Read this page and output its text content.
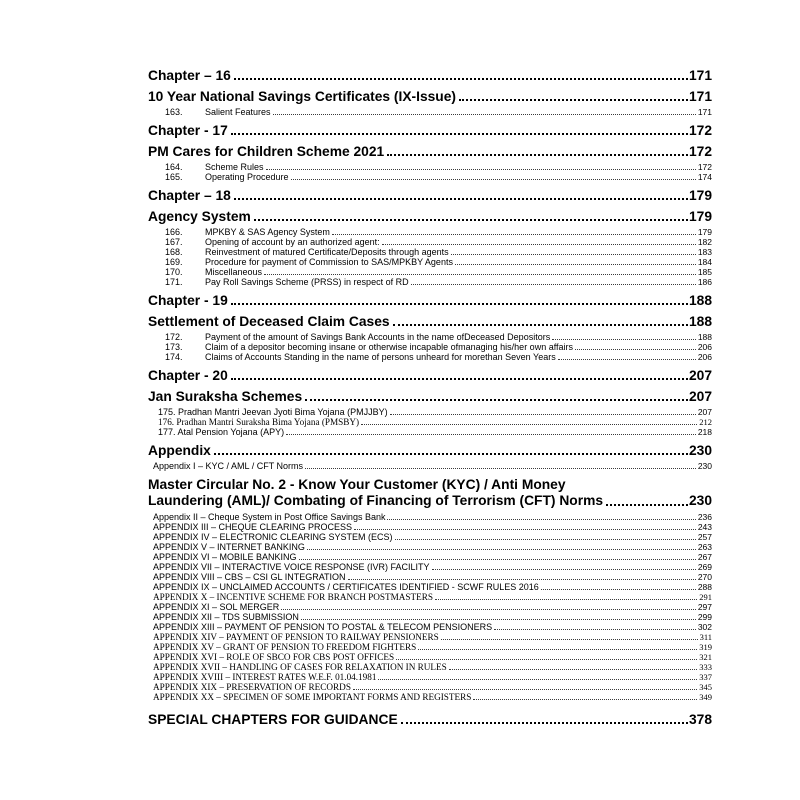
Chapter – 16	171
10 Year National Savings Certificates (IX-Issue)	171
163.	Salient Features	171
Chapter - 17	172
PM Cares for Children Scheme 2021	172
164.	Scheme Rules	172
165.	Operating Procedure	174
Chapter – 18	179
Agency System	179
166.	MPKBY & SAS Agency System	179
167.	Opening of account by an authorized agent:	182
168.	Reinvestment of matured Certificate/Deposits through agents	183
169.	Procedure for payment of Commission to SAS/MPKBY Agents	184
170.	Miscellaneous	185
171.	Pay Roll Savings Scheme (PRSS) in respect of RD	186
Chapter - 19	188
Settlement of Deceased Claim Cases	188
172.	Payment of the amount of Savings Bank Accounts in the name ofDeceased Depositors	188
173.	Claim of a depositor becoming insane or otherwise incapable ofmanaging his/her own affairs	206
174.	Claims of Accounts Standing in the name of persons unheard for morethan Seven Years	206
Chapter - 20	207
Jan Suraksha Schemes	207
175. Pradhan Mantri Jeevan Jyoti Bima Yojana (PMJJBY)	207
176. Pradhan Mantri Suraksha Bima Yojana (PMSBY)	212
177. Atal Pension Yojana (APY)	218
Appendix	230
Appendix I – KYC / AML / CFT Norms	230
Master Circular No. 2 - Know Your Customer (KYC) / Anti Money
Laundering (AML)/ Combating of Financing of Terrorism (CFT) Norms	230
Appendix II – Cheque System in Post Office Savings Bank	236
APPENDIX III – CHEQUE CLEARING PROCESS	243
APPENDIX IV – ELECTRONIC CLEARING SYSTEM (ECS)	257
APPENDIX V – INTERNET BANKING	263
APPENDIX VI – MOBILE BANKING	267
APPENDIX VII – INTERACTIVE VOICE RESPONSE (IVR) FACILITY	269
APPENDIX VIII – CBS – CSI GL INTEGRATION	270
APPENDIX IX – UNCLAIMED ACCOUNTS / CERTIFICATES IDENTIFIED - SCWF RULES 2016	288
APPENDIX X – INCENTIVE SCHEME FOR BRANCH POSTMASTERS	291
APPENDIX XI – SOL MERGER	297
APPENDIX XII – TDS SUBMISSION	299
APPENDIX XIII – PAYMENT OF PENSION TO POSTAL & TELECOM PENSIONERS	302
APPENDIX XIV – PAYMENT OF PENSION TO RAILWAY PENSIONERS	311
APPENDIX XV – GRANT OF PENSION TO FREEDOM FIGHTERS	319
APPENDIX XVI – ROLE OF SBCO FOR CBS POST OFFICES	321
APPENDIX XVII – HANDLING OF CASES FOR RELAXATION IN RULES	333
APPENDIX XVIII – INTEREST RATES W.E.F. 01.04.1981	337
APPENDIX XIX – PRESERVATION OF RECORDS	345
APPENDIX XX – SPECIMEN OF SOME IMPORTANT FORMS AND REGISTERS	349
SPECIAL CHAPTERS FOR GUIDANCE	378
